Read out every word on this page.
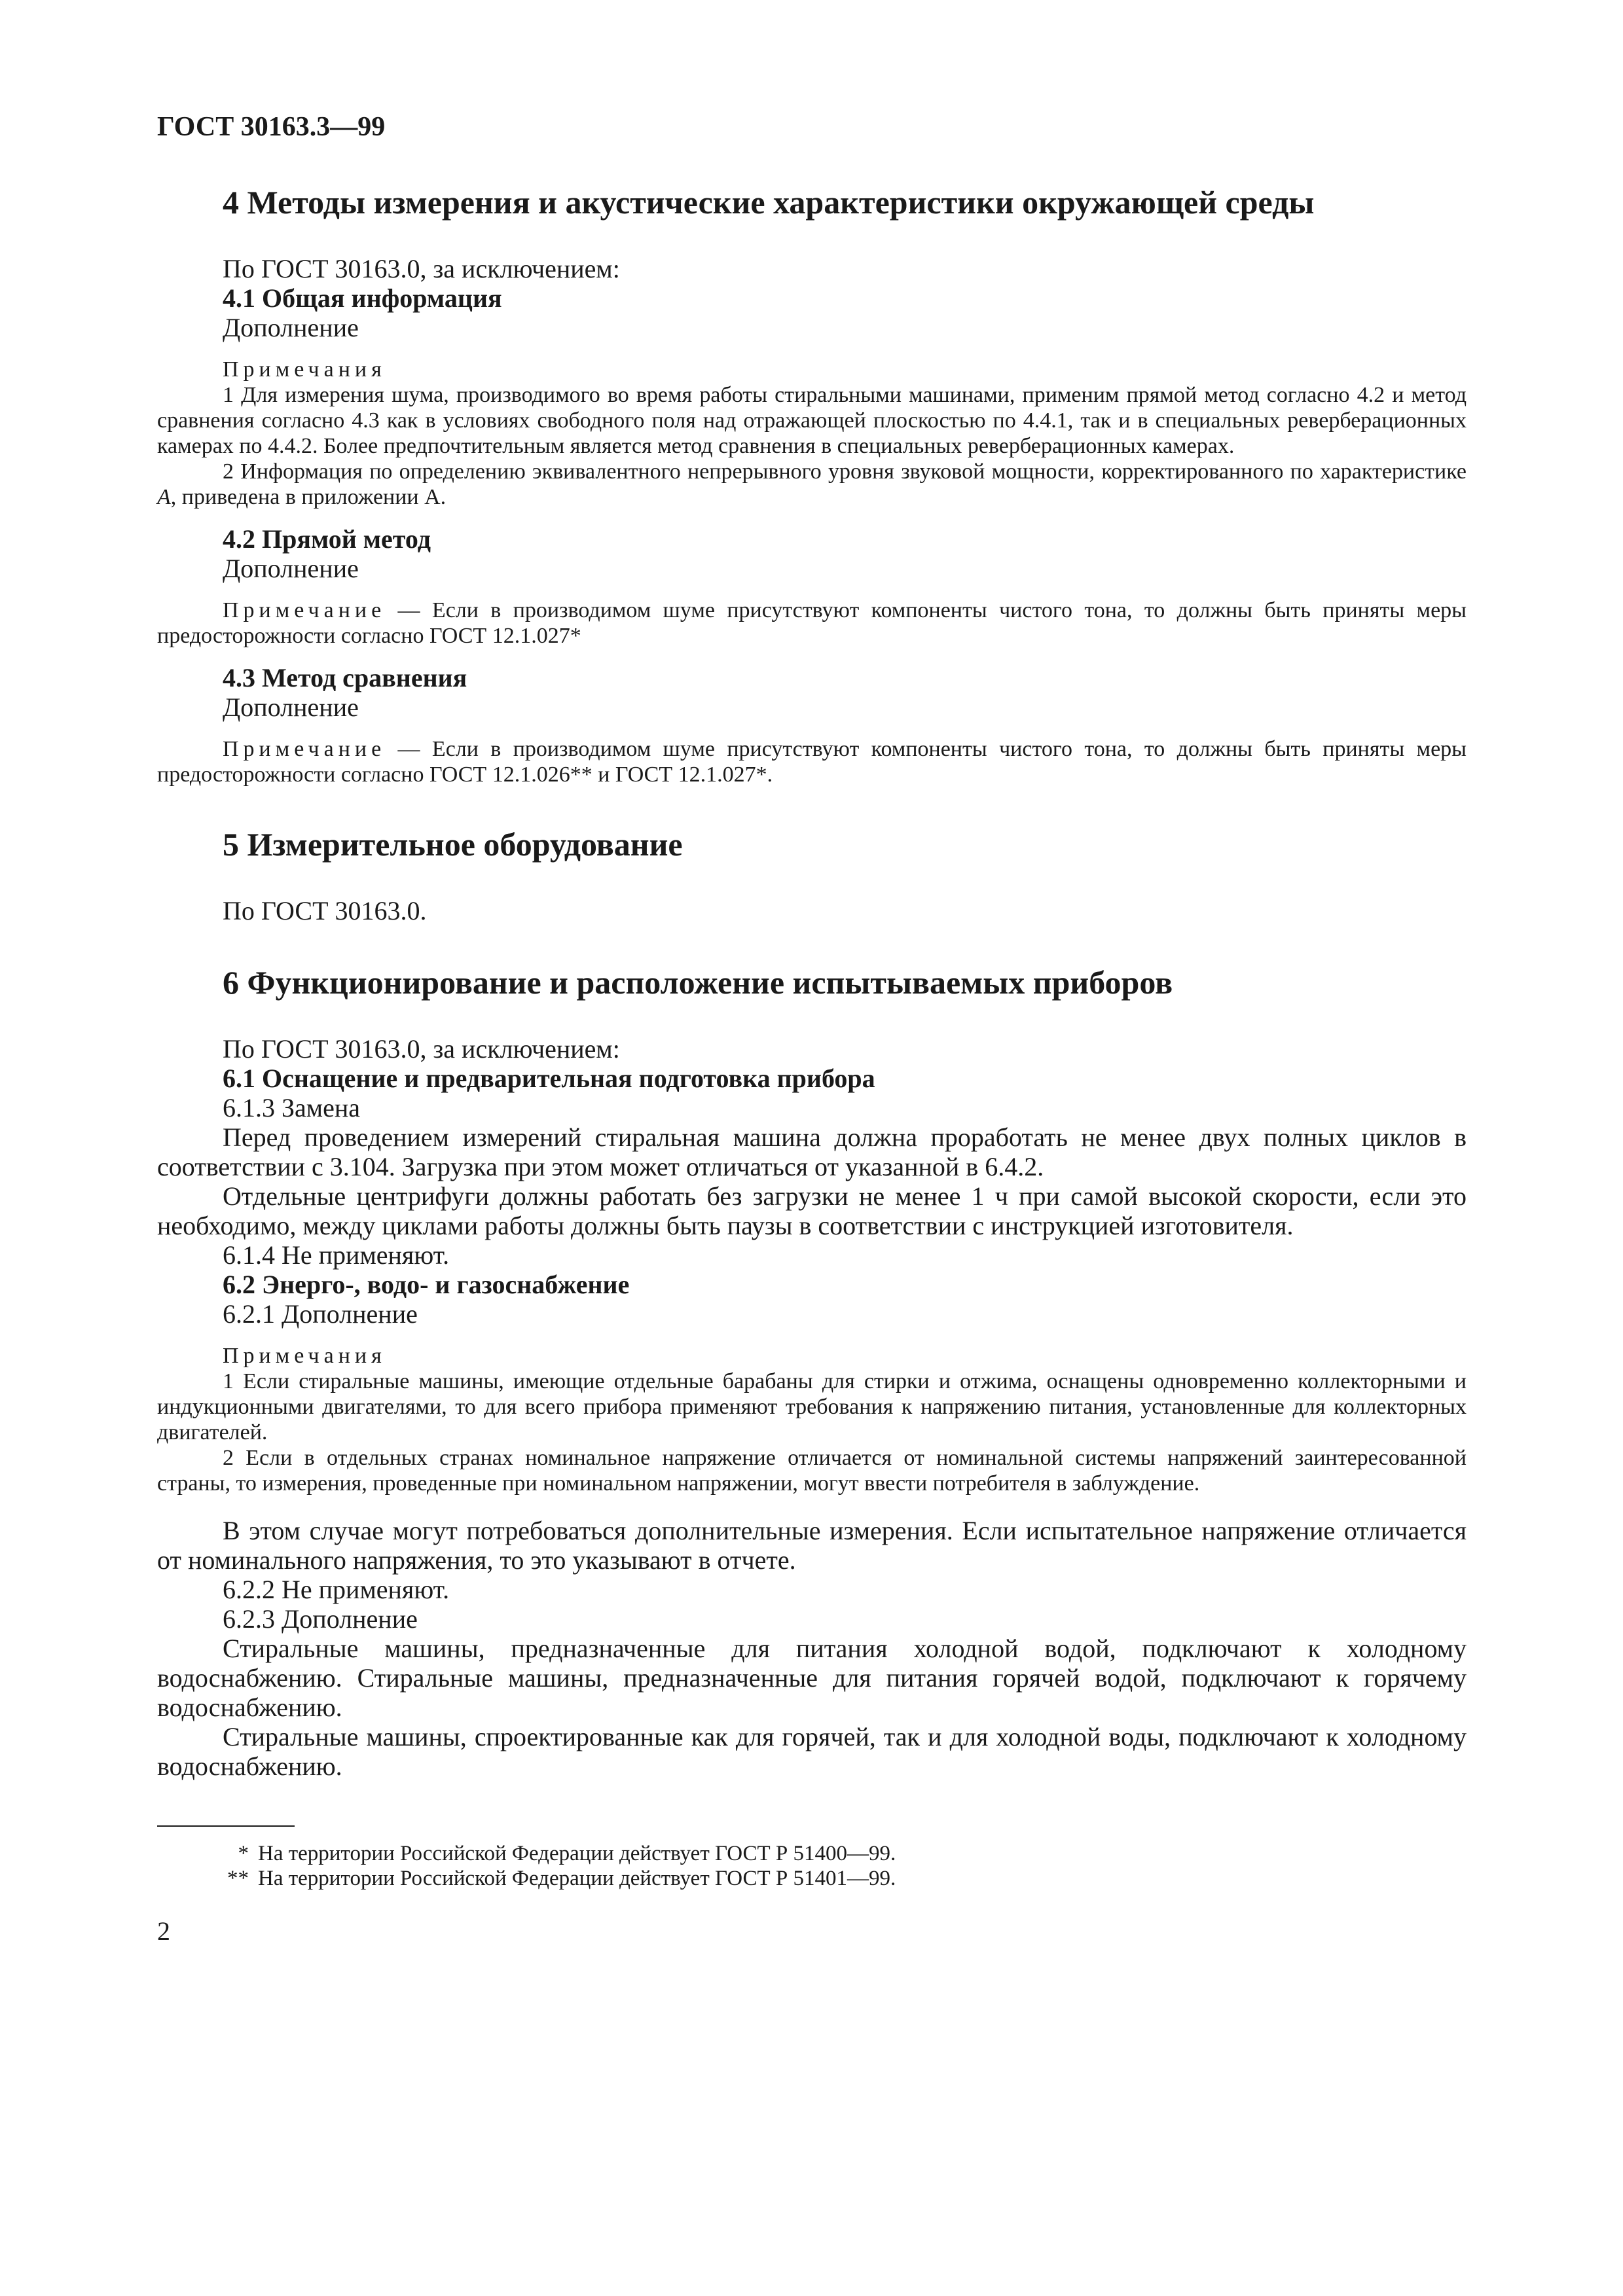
ГОСТ 30163.3—99
4 Методы измерения и акустические характеристики окружающей среды

По ГОСТ 30163.0, за исключением:

4.1 Общая информация

Дополнение

Примечания

1 Для измерения шума, производимого во время работы стиральными машинами, применим прямой метод согласно 4.2 и метод сравнения согласно 4.3 как в условиях свободного поля над отражающей плоскостью по 4.4.1, так и в специальных реверберационных камерах по 4.4.2. Более предпочтительным является метод сравнения в специальных реверберационных камерах.

2 Информация по определению эквивалентного непрерывного уровня звуковой мощности, корректированного по характеристике А, приведена в приложении А.

4.2 Прямой метод

Дополнение

Примечание — Если в производимом шуме присутствуют компоненты чистого тона, то должны быть приняты меры предосторожности согласно ГОСТ 12.1.027*

4.3 Метод сравнения

Дополнение

Примечание — Если в производимом шуме присутствуют компоненты чистого тона, то должны быть приняты меры предосторожности согласно ГОСТ 12.1.026** и ГОСТ 12.1.027*.

5 Измерительное оборудование

По ГОСТ 30163.0.

6 Функционирование и расположение испытываемых приборов

По ГОСТ 30163.0, за исключением:

6.1 Оснащение и предварительная подготовка прибора

6.1.3 Замена

Перед проведением измерений стиральная машина должна проработать не менее двух полных циклов в соответствии с 3.104. Загрузка при этом может отличаться от указанной в 6.4.2.

Отдельные центрифуги должны работать без загрузки не менее 1 ч при самой высокой скорости, если это необходимо, между циклами работы должны быть паузы в соответствии с инструкцией изготовителя.

6.1.4 Не применяют.

6.2 Энерго-, водо- и газоснабжение

6.2.1 Дополнение

Примечания

1 Если стиральные машины, имеющие отдельные барабаны для стирки и отжима, оснащены одновременно коллекторными и индукционными двигателями, то для всего прибора применяют требования к напряжению питания, установленные для коллекторных двигателей.

2 Если в отдельных странах номинальное напряжение отличается от номинальной системы напряжений заинтересованной страны, то измерения, проведенные при номинальном напряжении, могут ввести потребителя в заблуждение.

В этом случае могут потребоваться дополнительные измерения. Если испытательное напряжение отличается от номинального напряжения, то это указывают в отчете.

6.2.2 Не применяют.

6.2.3 Дополнение

Стиральные машины, предназначенные для питания холодной водой, подключают к холодному водоснабжению. Стиральные машины, предназначенные для питания горячей водой, подключают к горячему водоснабжению.

Стиральные машины, спроектированные как для горячей, так и для холодной воды, подключают к холодному водоснабжению.

* На территории Российской Федерации действует ГОСТ Р 51400—99.

** На территории Российской Федерации действует ГОСТ Р 51401—99.

2
